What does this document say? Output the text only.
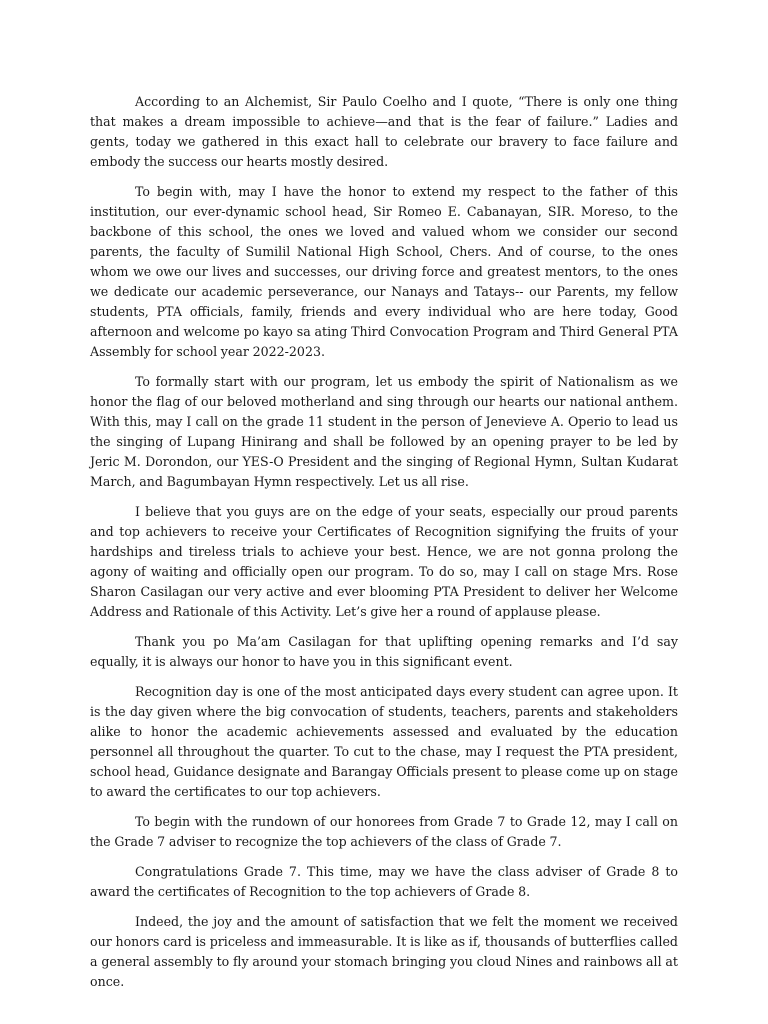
According to an Alchemist, Sir Paulo Coelho and I quote, “There is only one thing that makes a dream impossible to achieve—and that is the fear of failure.” Ladies and gents, today we gathered in this exact hall to celebrate our bravery to face failure and embody the success our hearts mostly desired.

To begin with, may I have the honor to extend my respect to the father of this institution, our ever-dynamic school head, Sir Romeo E. Cabanayan, SIR. Moreso, to the backbone of this school, the ones we loved and valued whom we consider our second parents, the faculty of Sumilil National High School, Chers. And of course, to the ones whom we owe our lives and successes, our driving force and greatest mentors, to the ones we dedicate our academic perseverance, our Nanays and Tatays-- our Parents, my fellow students, PTA officials, family, friends and every individual who are here today, Good afternoon and welcome po kayo sa ating Third Convocation Program and Third General PTA Assembly for school year 2022-2023.

To formally start with our program, let us embody the spirit of Nationalism as we honor the flag of our beloved motherland and sing through our hearts our national anthem. With this, may I call on the grade 11 student in the person of Jenevieve A. Operio to lead us the singing of Lupang Hinirang and shall be followed by an opening prayer to be led by Jeric M. Dorondon, our YES-O President and the singing of Regional Hymn, Sultan Kudarat March, and Bagumbayan Hymn respectively. Let us all rise.

I believe that you guys are on the edge of your seats, especially our proud parents and top achievers to receive your Certificates of Recognition signifying the fruits of your hardships and tireless trials to achieve your best. Hence, we are not gonna prolong the agony of waiting and officially open our program. To do so, may I call on stage Mrs. Rose Sharon Casilagan our very active and ever blooming PTA President to deliver her Welcome Address and Rationale of this Activity. Let’s give her a round of applause please.

Thank you po Ma’am Casilagan for that uplifting opening remarks and I’d say equally, it is always our honor to have you in this significant event.

Recognition day is one of the most anticipated days every student can agree upon. It is the day given where the big convocation of students, teachers, parents and stakeholders alike to honor the academic achievements assessed and evaluated by the education personnel all throughout the quarter. To cut to the chase, may I request the PTA president, school head, Guidance designate and Barangay Officials present to please come up on stage to award the certificates to our top achievers.

To begin with the rundown of our honorees from Grade 7 to Grade 12, may I call on the Grade 7 adviser to recognize the top achievers of the class of Grade 7.

Congratulations Grade 7. This time, may we have the class adviser of Grade 8 to award the certificates of Recognition to the top achievers of Grade 8.

Indeed, the joy and the amount of satisfaction that we felt the moment we received our honors card is priceless and immeasurable. It is like as if, thousands of butterflies called a general assembly to fly around your stomach bringing you cloud Nines and rainbows all at once.
